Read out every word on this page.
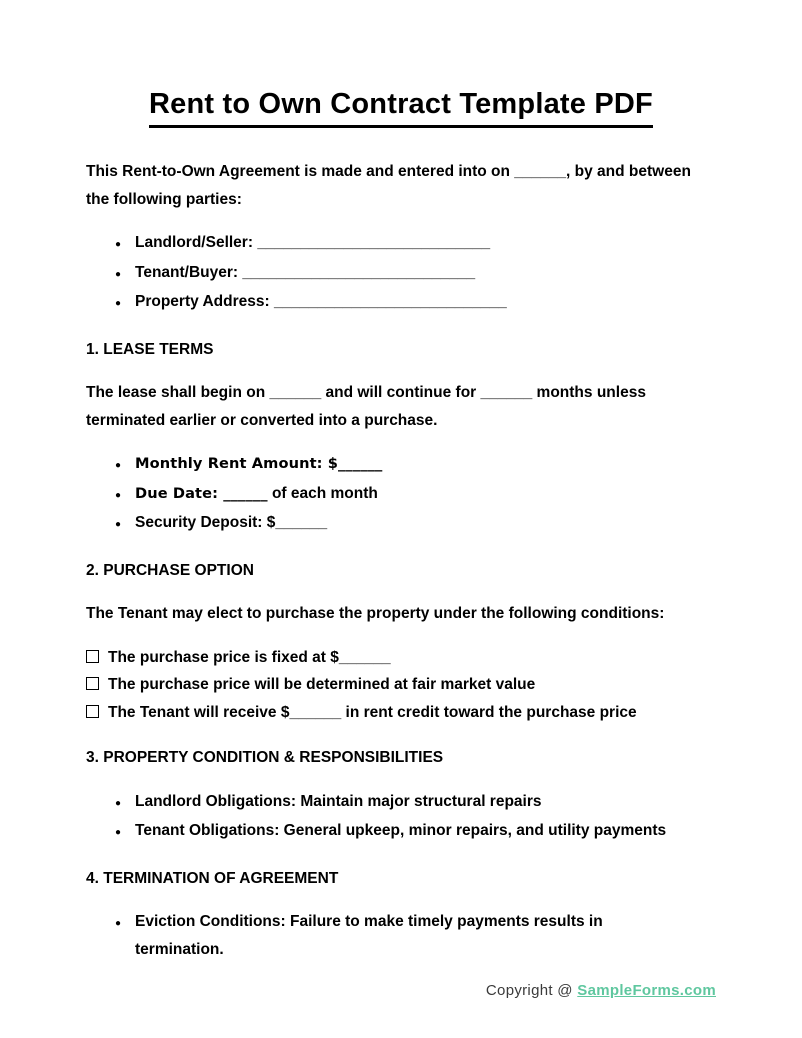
Rent to Own Contract Template PDF

This Rent-to-Own Agreement is made and entered into on ______, by and between the following parties:

●
Landlord/Seller: ___________________________
●
Tenant/Buyer: ___________________________
●
Property Address: ___________________________
1. LEASE TERMS

The lease shall begin on ______ and will continue for ______ months unless terminated earlier or converted into a purchase.

●
Monthly Rent Amount: $______
●
Due Date: ______ of each month
●
Security Deposit: $______
2. PURCHASE OPTION

The Tenant may elect to purchase the property under the following conditions:

The purchase price is fixed at $______

The purchase price will be determined at fair market value

The Tenant will receive $______ in rent credit toward the purchase price

3. PROPERTY CONDITION & RESPONSIBILITIES
●
Landlord Obligations: Maintain major structural repairs
●
Tenant Obligations: General upkeep, minor repairs, and utility payments
4. TERMINATION OF AGREEMENT
●
Eviction Conditions: Failure to make timely payments results in termination.
Copyright @ SampleForms.com
